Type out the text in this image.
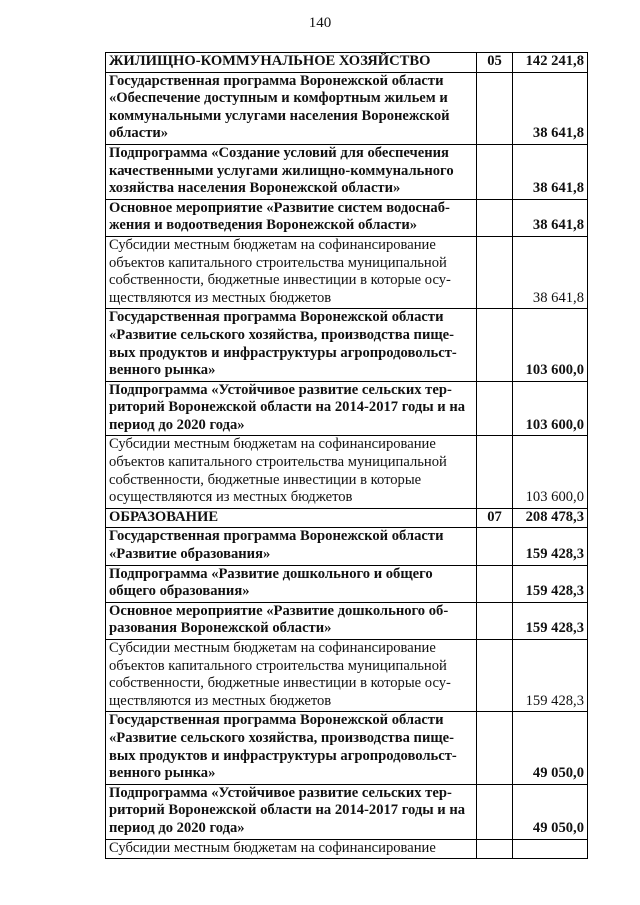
140
ЖИЛИЩНО-КОММУНАЛЬНОЕ ХОЗЯЙСТВО	05	142 241,8
Государственная программа Воронежской области «Обеспечение доступным и комфортным жильем и коммунальными услугами населения Воронежской области»		38 641,8
Подпрограмма «Создание условий для обеспечения качественными услугами жилищно-коммунального хозяйства населения Воронежской области»		38 641,8
Основное мероприятие «Развитие систем водоснаб-жения и водоотведения Воронежской области»		38 641,8
Субсидии местным бюджетам на софинансирование объектов капитального строительства муниципальной собственности, бюджетные инвестиции в которые осу-ществляются из местных бюджетов		38 641,8
Государственная программа Воронежской области «Развитие сельского хозяйства, производства пище-вых продуктов и инфраструктуры агропродовольст-венного рынка»		103 600,0
Подпрограмма «Устойчивое развитие сельских тер-риторий Воронежской области на 2014-2017 годы и на период до 2020 года»		103 600,0
Субсидии местным бюджетам на софинансирование объектов капитального строительства муниципальной собственности, бюджетные инвестиции в которые осуществляются из местных бюджетов		103 600,0
ОБРАЗОВАНИЕ	07	208 478,3
Государственная программа Воронежской области «Развитие образования»		159 428,3
Подпрограмма «Развитие дошкольного и общего общего образования»		159 428,3
Основное мероприятие «Развитие дошкольного об-разования Воронежской области»		159 428,3
Субсидии местным бюджетам на софинансирование объектов капитального строительства муниципальной собственности, бюджетные инвестиции в которые осу-ществляются из местных бюджетов		159 428,3
Государственная программа Воронежской области «Развитие сельского хозяйства, производства пище-вых продуктов и инфраструктуры агропродовольст-венного рынка»		49 050,0
Подпрограмма «Устойчивое развитие сельских тер-риторий Воронежской области на 2014-2017 годы и на период до 2020 года»		49 050,0
Субсидии местным бюджетам на софинансирование		
